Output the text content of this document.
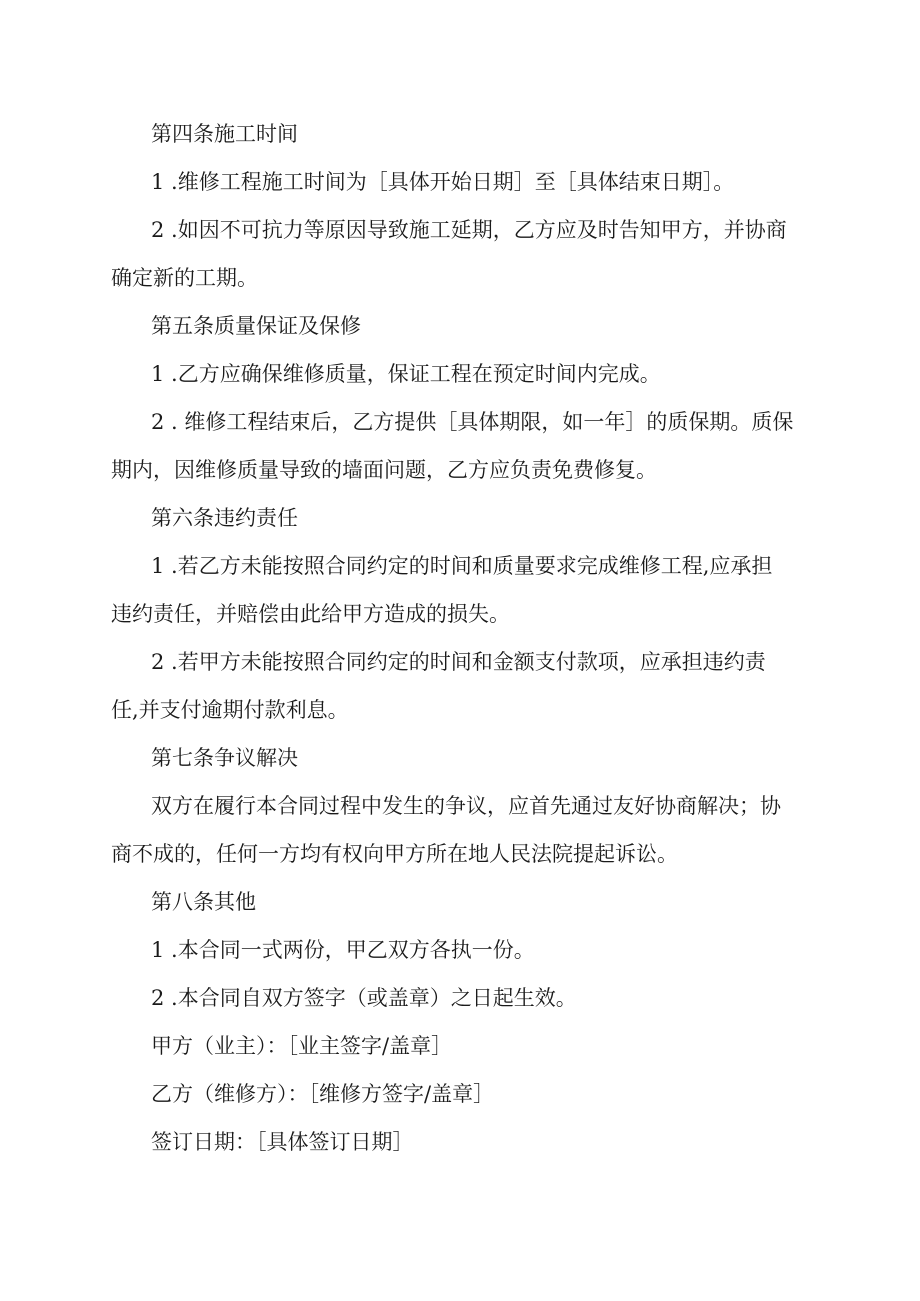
第四条施工时间

1 .维修工程施工时间为［具体开始日期］至［具体结束日期］。

2 .如因不可抗力等原因导致施工延期，乙方应及时告知甲方，并协商

确定新的工期。

第五条质量保证及保修

1 .乙方应确保维修质量，保证工程在预定时间内完成。

2 . 维修工程结束后，乙方提供［具体期限，如一年］的质保期。质保

期内，因维修质量导致的墙面问题，乙方应负责免费修复。

第六条违约责任

1 .若乙方未能按照合同约定的时间和质量要求完成维修工程,应承担

违约责任，并赔偿由此给甲方造成的损失。

2 .若甲方未能按照合同约定的时间和金额支付款项，应承担违约责

任,并支付逾期付款利息。

第七条争议解决

双方在履行本合同过程中发生的争议，应首先通过友好协商解决；协

商不成的，任何一方均有权向甲方所在地人民法院提起诉讼。

第八条其他

1 .本合同一式两份，甲乙双方各执一份。

2 .本合同自双方签字（或盖章）之日起生效。

甲方（业主）：［业主签字/盖章］

乙方（维修方）：［维修方签字/盖章］

签订日期：［具体签订日期］
